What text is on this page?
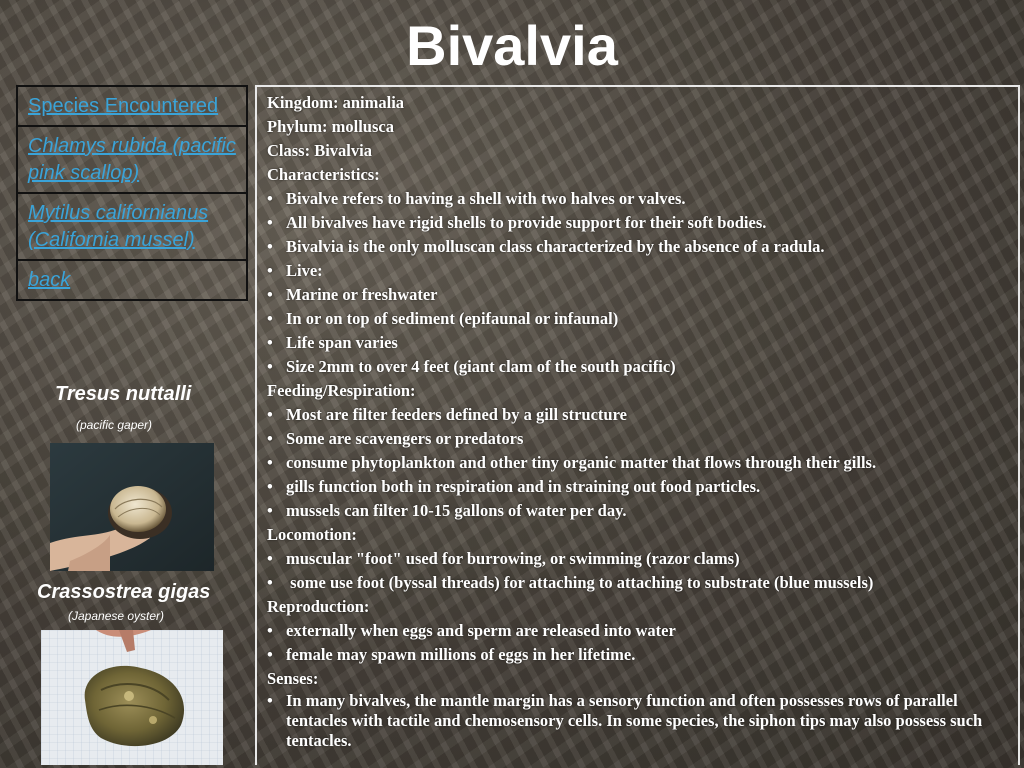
Bivalvia
Species Encountered
Chlamys rubida (pacific pink scallop)
Mytilus californianus (California mussel)
back
Tresus nuttalli
(pacific gaper)
Crassostrea gigas
(Japanese oyster)
Kingdom: animalia
Phylum: mollusca
Class: Bivalvia
Characteristics:
• Bivalve refers to having a shell with two halves or valves.
• All bivalves have rigid shells to provide support for their soft bodies.
• Bivalvia is the only molluscan class characterized by the absence of a radula.
• Live:
• Marine or freshwater
• In or on top of sediment (epifaunal or infaunal)
• Life span varies
• Size 2mm to over 4 feet (giant clam of the south pacific)
Feeding/Respiration:
• Most are filter feeders defined by a gill structure
• Some are scavengers or predators
• consume phytoplankton and other tiny organic matter that flows through their gills.
• gills function both in respiration and in straining out food particles.
• mussels can filter 10-15 gallons of water per day.
Locomotion:
• muscular "foot" used for burrowing, or swimming (razor clams)
•  some use foot (byssal threads) for attaching to attaching to substrate (blue mussels)
Reproduction:
• externally when eggs and sperm are released into water
• female may spawn millions of eggs in her lifetime.
Senses:
• In many bivalves, the mantle margin has a sensory function and often possesses rows of parallel tentacles with tactile and chemosensory cells. In some species, the siphon tips may also possess such tentacles.
